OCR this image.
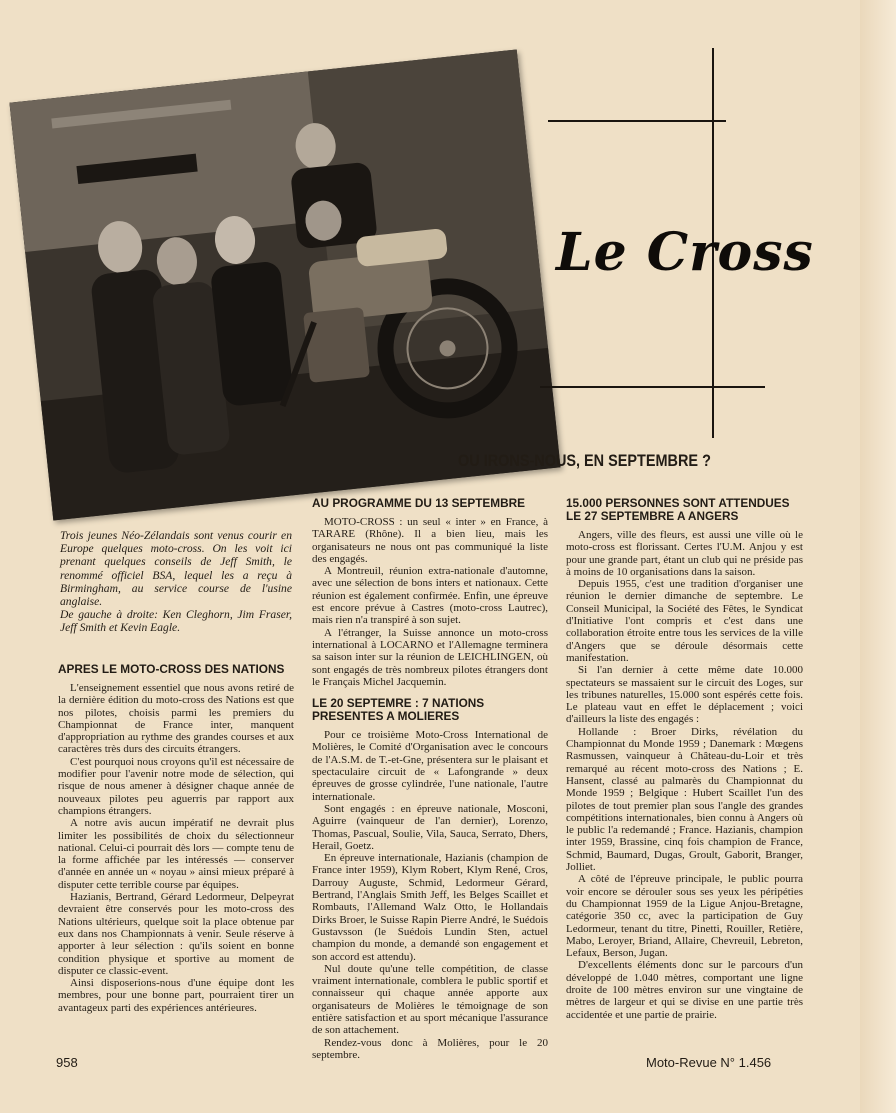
Le Cross
OU IRONS-NOUS, EN SEPTEMBRE ?

Trois jeunes Néo-Zélandais sont venus courir en Europe quelques moto-cross. On les voit ici prenant quelques conseils de Jeff Smith, le renommé officiel BSA, lequel les a reçu à Birmingham, au service course de l'usine anglaise.

De gauche à droite: Ken Cleghorn, Jim Fraser, Jeff Smith et Kevin Eagle.

APRES LE MOTO-CROSS DES NATIONS

L'enseignement essentiel que nous avons retiré de la dernière édition du moto-cross des Nations est que nos pilotes, choisis parmi les premiers du Championnat de France inter, manquent d'appropriation au rythme des grandes courses et aux caractères très durs des circuits étrangers.

C'est pourquoi nous croyons qu'il est nécessaire de modifier pour l'avenir notre mode de sélection, qui risque de nous amener à désigner chaque année de nouveaux pilotes peu aguerris par rapport aux champions étrangers.

A notre avis aucun impératif ne devrait plus limiter les possibilités de choix du sélectionneur national. Celui-ci pourrait dès lors — compte tenu de la forme affichée par les intéressés — conserver d'année en année un « noyau » ainsi mieux préparé à disputer cette terrible course par équipes.

Hazianis, Bertrand, Gérard Ledormeur, Delpeyrat devraient être conservés pour les moto-cross des Nations ultérieurs, quelque soit la place obtenue par eux dans nos Championnats à venir. Seule réserve à apporter à leur sélection : qu'ils soient en bonne condition physique et sportive au moment de disputer ce classic-event.

Ainsi disposerions-nous d'une équipe dont les membres, pour une bonne part, pourraient tirer un avantageux parti des expériences antérieures.

AU PROGRAMME DU 13 SEPTEMBRE

MOTO-CROSS : un seul « inter » en France, à TARARE (Rhône). Il a bien lieu, mais les organisateurs ne nous ont pas communiqué la liste des engagés.

A Montreuil, réunion extra-nationale d'automne, avec une sélection de bons inters et nationaux. Cette réunion est également confirmée. Enfin, une épreuve est encore prévue à Castres (moto-cross Lautrec), mais rien n'a transpiré à son sujet.

A l'étranger, la Suisse annonce un moto-cross international à LOCARNO et l'Allemagne terminera sa saison inter sur la réunion de LEICHLINGEN, où sont engagés de très nombreux pilotes étrangers dont le Français Michel Jacquemin.

LE 20 SEPTEMRE : 7 NATIONS PRESENTES A MOLIERES

Pour ce troisième Moto-Cross International de Molières, le Comité d'Organisation avec le concours de l'A.S.M. de T.-et-Gne, présentera sur le plaisant et spectaculaire circuit de « Lafongrande » deux épreuves de grosse cylindrée, l'une nationale, l'autre internationale.

Sont engagés : en épreuve nationale, Mosconi, Aguirre (vainqueur de l'an dernier), Lorenzo, Thomas, Pascual, Soulie, Vila, Sauca, Serrato, Dhers, Herail, Goetz.

En épreuve internationale, Hazianis (champion de France inter 1959), Klym Robert, Klym René, Cros, Darrouy Auguste, Schmid, Ledormeur Gérard, Bertrand, l'Anglais Smith Jeff, les Belges Scaillet et Rombauts, l'Allemand Walz Otto, le Hollandais Dirks Broer, le Suisse Rapin Pierre André, le Suédois Gustavsson (le Suédois Lundin Sten, actuel champion du monde, a demandé son engagement et son accord est attendu).

Nul doute qu'une telle compétition, de classe vraiment internationale, comblera le public sportif et connaisseur qui chaque année apporte aux organisateurs de Molières le témoignage de son entière satisfaction et au sport mécanique l'assurance de son attachement.

Rendez-vous donc à Molières, pour le 20 septembre.

15.000 PERSONNES SONT ATTENDUES LE 27 SEPTEMBRE A ANGERS

Angers, ville des fleurs, est aussi une ville où le moto-cross est florissant. Certes l'U.M. Anjou y est pour une grande part, étant un club qui ne préside pas à moins de 10 organisations dans la saison.

Depuis 1955, c'est une tradition d'organiser une réunion le dernier dimanche de septembre. Le Conseil Municipal, la Société des Fêtes, le Syndicat d'Initiative l'ont compris et c'est dans une collaboration étroite entre tous les services de la ville d'Angers que se déroule désormais cette manifestation.

Si l'an dernier à cette même date 10.000 spectateurs se massaient sur le circuit des Loges, sur les tribunes naturelles, 15.000 sont espérés cette fois. Le plateau vaut en effet le déplacement ; voici d'ailleurs la liste des engagés :

Hollande : Broer Dirks, révélation du Championnat du Monde 1959 ; Danemark : Mœgens Rasmussen, vainqueur à Château-du-Loir et très remarqué au récent moto-cross des Nations ; E. Hansent, classé au palmarès du Championnat du Monde 1959 ; Belgique : Hubert Scaillet l'un des pilotes de tout premier plan sous l'angle des grandes compétitions internationales, bien connu à Angers où le public l'a redemandé ; France. Hazianis, champion inter 1959, Brassine, cinq fois champion de France, Schmid, Baumard, Dugas, Groult, Gaborit, Branger, Jolliet.

A côté de l'épreuve principale, le public pourra voir encore se dérouler sous ses yeux les péripéties du Championnat 1959 de la Ligue Anjou-Bretagne, catégorie 350 cc, avec la participation de Guy Ledormeur, tenant du titre, Pinetti, Rouiller, Retière, Mabo, Leroyer, Briand, Allaire, Chevreuil, Lebreton, Lefaux, Berson, Jugan.

D'excellents éléments donc sur le parcours d'un développé de 1.040 mètres, comportant une ligne droite de 100 mètres environ sur une vingtaine de mètres de largeur et qui se divise en une partie très accidentée et une partie de prairie.

958	Moto-Revue N° 1.456
